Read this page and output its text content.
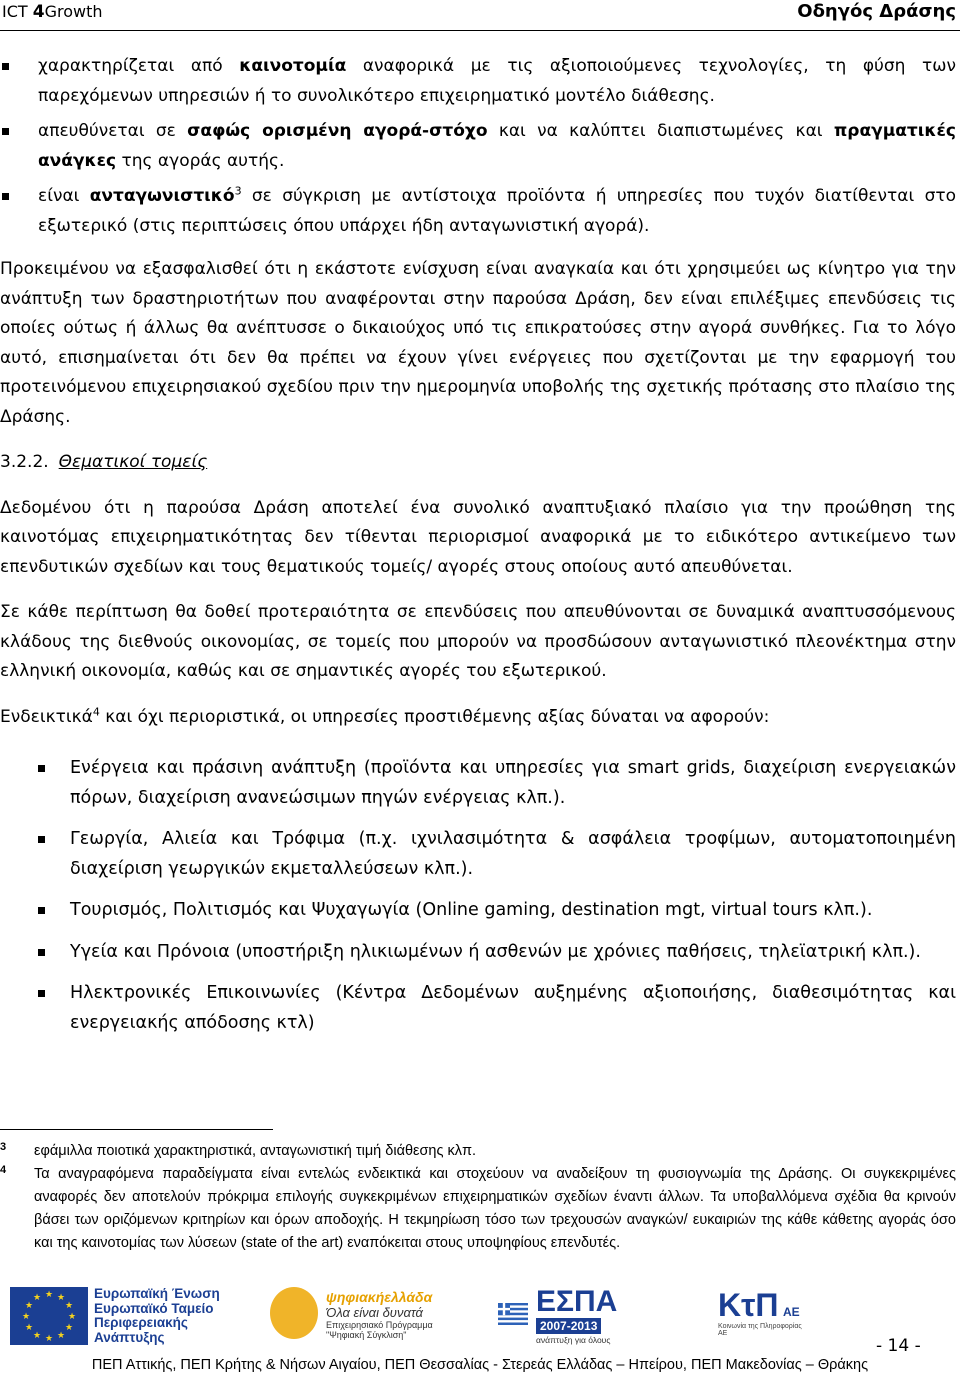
ICT 4Growth	Οδηγός Δράσης
χαρακτηρίζεται από καινοτομία αναφορικά με τις αξιοποιούμενες τεχνολογίες, τη φύση των παρεχόμενων υπηρεσιών ή το συνολικότερο επιχειρηματικό μοντέλο διάθεσης.
απευθύνεται σε σαφώς ορισμένη αγορά-στόχο και να καλύπτει διαπιστωμένες και πραγματικές ανάγκες της αγοράς αυτής.
είναι ανταγωνιστικό$^3$ σε σύγκριση με αντίστοιχα προϊόντα ή υπηρεσίες που τυχόν διατίθενται στο εξωτερικό (στις περιπτώσεις όπου υπάρχει ήδη ανταγωνιστική αγορά).

Προκειμένου να εξασφαλισθεί ότι η εκάστοτε ενίσχυση είναι αναγκαία και ότι χρησιμεύει ως κίνητρο για την ανάπτυξη των δραστηριοτήτων που αναφέρονται στην παρούσα Δράση, δεν είναι επιλέξιμες επενδύσεις τις οποίες ούτως ή άλλως θα ανέπτυσσε ο δικαιούχος υπό τις επικρατούσες στην αγορά συνθήκες. Για το λόγο αυτό, επισημαίνεται ότι δεν θα πρέπει να έχουν γίνει ενέργειες που σχετίζονται με την εφαρμογή του προτεινόμενου επιχειρησιακού σχεδίου πριν την ημερομηνία υποβολής της σχετικής πρότασης στο πλαίσιο της Δράσης.

3.2.2. Θεματικοί τομείς

Δεδομένου ότι η παρούσα Δράση αποτελεί ένα συνολικό αναπτυξιακό πλαίσιο για την προώθηση της καινοτόμας επιχειρηματικότητας δεν τίθενται περιορισμοί αναφορικά με το ειδικότερο αντικείμενο των επενδυτικών σχεδίων και τους θεματικούς τομείς/ αγορές στους οποίους αυτό απευθύνεται.

Σε κάθε περίπτωση θα δοθεί προτεραιότητα σε επενδύσεις που απευθύνονται σε δυναμικά αναπτυσσόμενους κλάδους της διεθνούς οικονομίας, σε τομείς που μπορούν να προσδώσουν ανταγωνιστικό πλεονέκτημα στην ελληνική οικονομία, καθώς και σε σημαντικές αγορές του εξωτερικού.

Ενδεικτικά$^4$ και όχι περιοριστικά, οι υπηρεσίες προστιθέμενης αξίας δύναται να αφορούν:

Ενέργεια και πράσινη ανάπτυξη (προϊόντα και υπηρεσίες για smart grids, διαχείριση ενεργειακών πόρων, διαχείριση ανανεώσιμων πηγών ενέργειας κλπ.).
Γεωργία, Αλιεία και Τρόφιμα (π.χ. ιχνιλασιμότητα & ασφάλεια τροφίμων, αυτοματοποιημένη διαχείριση γεωργικών εκμεταλλεύσεων κλπ.).
Τουρισμός, Πολιτισμός και Ψυχαγωγία (Online gaming, destination mgt, virtual tours κλπ.).
Υγεία και Πρόνοια (υποστήριξη ηλικιωμένων ή ασθενών με χρόνιες παθήσεις, τηλεϊατρική κλπ.).
Ηλεκτρονικές Επικοινωνίες (Κέντρα Δεδομένων αυξημένης αξιοποιήσης, διαθεσιμότητας και ενεργειακής απόδοσης κτλ)
3 εφάμιλλα ποιοτικά χαρακτηριστικά, ανταγωνιστική τιμή διάθεσης κλπ.
4 Τα αναγραφόμενα παραδείγματα είναι εντελώς ενδεικτικά και στοχεύουν να αναδείξουν τη φυσιογνωμία της Δράσης. Οι συγκεκριμένες αναφορές δεν αποτελούν πρόκριμα επιλογής συγκεκριμένων επιχειρηματικών σχεδίων έναντι άλλων. Τα υποβαλλόμενα σχέδια θα κρινούν βάσει των οριζόμενων κριτηρίων και όρων αποδοχής. Η τεκμηρίωση τόσο των τρεχουσών αναγκών/ ευκαιριών της κάθε κάθετης αγοράς όσο και της καινοτομίας των λύσεων (state of the art) εναπόκειται στους υποψηφίους επενδυτές.
★ ★
★
★
★
★
★
★
★
★
★
★	Ευρωπαϊκή Ένωση
Ευρωπαϊκό Ταμείο
Περιφερειακής
Ανάπτυξης
ψηφιακήελλάδα
Όλα είναι δυνατά
Επιχειρησιακό Πρόγραμμα
"Ψηφιακή Σύγκλιση"
ΕΣΠΑ
2007-2013
ανάπτυξη για όλους
ΚτΠ ΑΕ
Κοινωνία της Πληροφορίας ΑΕ
- 14 -
ΠΕΠ Αττικής, ΠΕΠ Κρήτης & Νήσων Αιγαίου, ΠΕΠ Θεσσαλίας - Στερεάς Ελλάδας – Ηπείρου, ΠΕΠ Μακεδονίας – Θράκης
